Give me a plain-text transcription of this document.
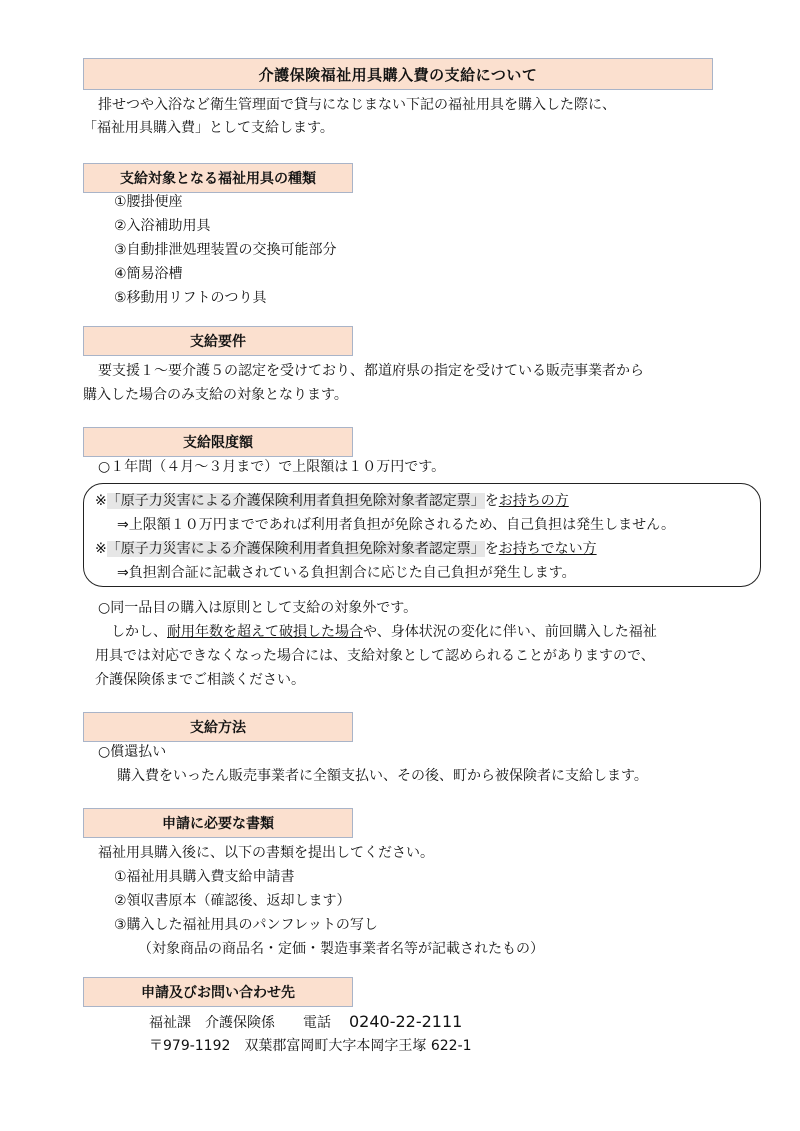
介護保険福祉用具購入費の支給について
排せつや入浴など衛生管理面で貸与になじまない下記の福祉用具を購入した際に、
「福祉用具購入費」として支給します。
支給対象となる福祉用具の種類
①腰掛便座
②入浴補助用具
③自動排泄処理装置の交換可能部分
④簡易浴槽
⑤移動用リフトのつり具
支給要件
要支援１～要介護５の認定を受けており、都道府県の指定を受けている販売事業者から
購入した場合のみ支給の対象となります。
支給限度額
○１年間（４月～３月まで）で上限額は１０万円です。
※「原子力災害による介護保険利用者負担免除対象者認定票」をお持ちの方
⇒上限額１０万円までであれば利用者負担が免除されるため、自己負担は発生しません。
※「原子力災害による介護保険利用者負担免除対象者認定票」をお持ちでない方
⇒負担割合証に記載されている負担割合に応じた自己負担が発生します。
○同一品目の購入は原則として支給の対象外です。
しかし、耐用年数を超えて破損した場合や、身体状況の変化に伴い、前回購入した福祉
用具では対応できなくなった場合には、支給対象として認められることがありますので、
介護保険係までご相談ください。
支給方法
○償還払い
購入費をいったん販売事業者に全額支払い、その後、町から被保険者に支給します。
申請に必要な書類
福祉用具購入後に、以下の書類を提出してください。
①福祉用具購入費支給申請書
②領収書原本（確認後、返却します）
③購入した福祉用具のパンフレットの写し
（対象商品の商品名・定価・製造事業者名等が記載されたもの）
申請及びお問い合わせ先
福祉課　介護保険係 電話 0240-22-2111
〒979-1192 双葉郡富岡町大字本岡字王塚 622-1
